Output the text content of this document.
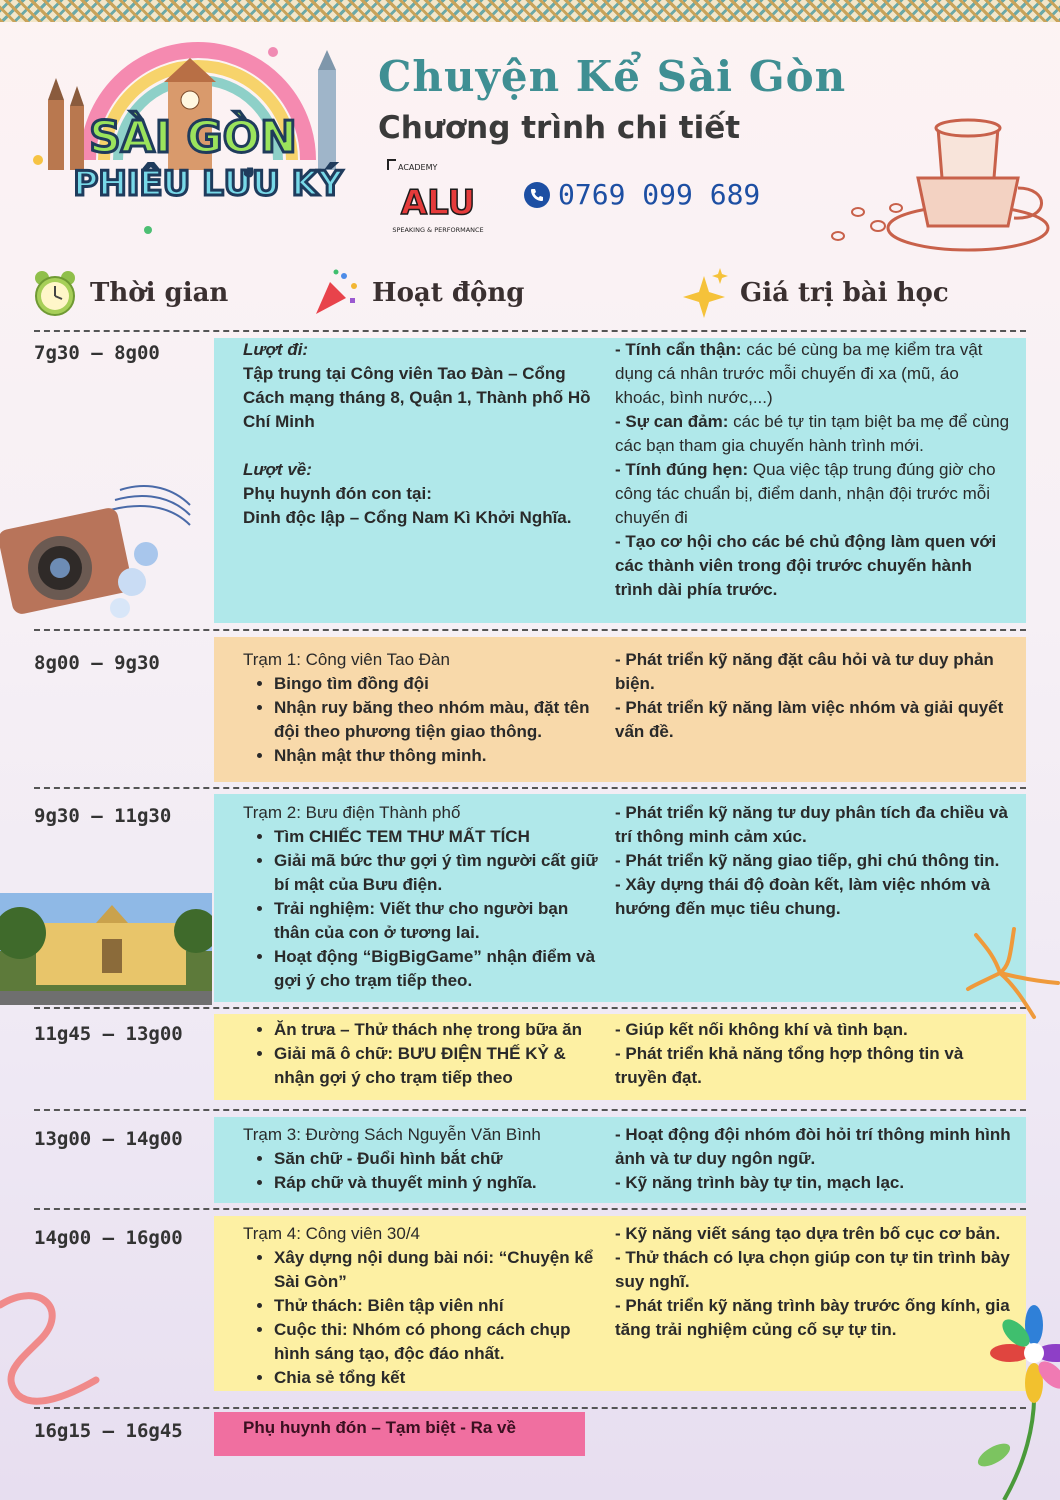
SÀI GÒN
PHIÊU LƯU KÝ
Chuyện Kể Sài Gòn
Chương trình chi tiết
ACADEMY
ALU
SPEAKING & PERFORMANCE
0769 099 689
Thời gian	Hoạt động	Giá trị bài học
7g30 – 8g00	Lượt đi:

Tập trung tại Công viên Tao Đàn – Cổng Cách mạng tháng 8, Quận 1, Thành phố Hồ Chí Minh

Lượt về:

Phụ huynh đón con tại:

Dinh độc lập – Cổng Nam Kì Khởi Nghĩa.

- Tính cẩn thận: các bé cùng ba mẹ kiểm tra vật dụng cá nhân trước mỗi chuyến đi xa (mũ, áo khoác, bình nước,...)

- Sự can đảm: các bé tự tin tạm biệt ba mẹ để cùng các bạn tham gia chuyến hành trình mới.

- Tính đúng hẹn: Qua việc tập trung đúng giờ cho công tác chuẩn bị, điểm danh, nhận đội trước mỗi chuyến đi

- Tạo cơ hội cho các bé chủ động làm quen với các thành viên trong đội trước chuyến hành trình dài phía trước.

8g00 – 9g30	Trạm 1: Công viên Tao Đàn

• Bingo tìm đồng đội
• Nhận ruy băng theo nhóm màu, đặt tên đội theo phương tiện giao thông.
• Nhận mật thư thông minh.

- Phát triển kỹ năng đặt câu hỏi và tư duy phản biện.

- Phát triển kỹ năng làm việc nhóm và giải quyết vấn đề.

9g30 – 11g30	Trạm 2: Bưu điện Thành phố

• Tìm CHIẾC TEM THƯ MẤT TÍCH
• Giải mã bức thư gợi ý tìm người cất giữ bí mật của Bưu điện.
• Trải nghiệm: Viết thư cho người bạn thân của con ở tương lai.
• Hoạt động “BigBigGame” nhận điểm và gợi ý cho trạm tiếp theo.

- Phát triển kỹ năng tư duy phân tích đa chiều và trí thông minh cảm xúc.

- Phát triển kỹ năng giao tiếp, ghi chú thông tin.

- Xây dựng thái độ đoàn kết, làm việc nhóm và hướng đến mục tiêu chung.

11g45 – 13g00
•	Ăn trưa – Thử thách nhẹ trong bữa ăn
• Giải mã ô chữ: BƯU ĐIỆN THẾ KỶ & nhận gợi ý cho trạm tiếp theo

- Giúp kết nối không khí và tình bạn.

- Phát triển khả năng tổng hợp thông tin và truyền đạt.

13g00 – 14g00	Trạm 3: Đường Sách Nguyễn Văn Bình

• Săn chữ - Đuổi hình bắt chữ
• Ráp chữ và thuyết minh ý nghĩa.

- Hoạt động đội nhóm đòi hỏi trí thông minh hình ảnh và tư duy ngôn ngữ.

- Kỹ năng trình bày tự tin, mạch lạc.

14g00 – 16g00	Trạm 4: Công viên 30/4

• Xây dựng nội dung bài nói: “Chuyện kể Sài Gòn”
• Thử thách: Biên tập viên nhí
• Cuộc thi: Nhóm có phong cách chụp hình sáng tạo, độc đáo nhất.
• Chia sẻ tổng kết

- Kỹ năng viết sáng tạo dựa trên bố cục cơ bản.

- Thử thách có lựa chọn giúp con tự tin trình bày suy nghĩ.

- Phát triển kỹ năng trình bày trước ống kính, gia tăng trải nghiệm củng cố sự tự tin.

16g15 – 16g45	Phụ huynh đón – Tạm biệt - Ra về
